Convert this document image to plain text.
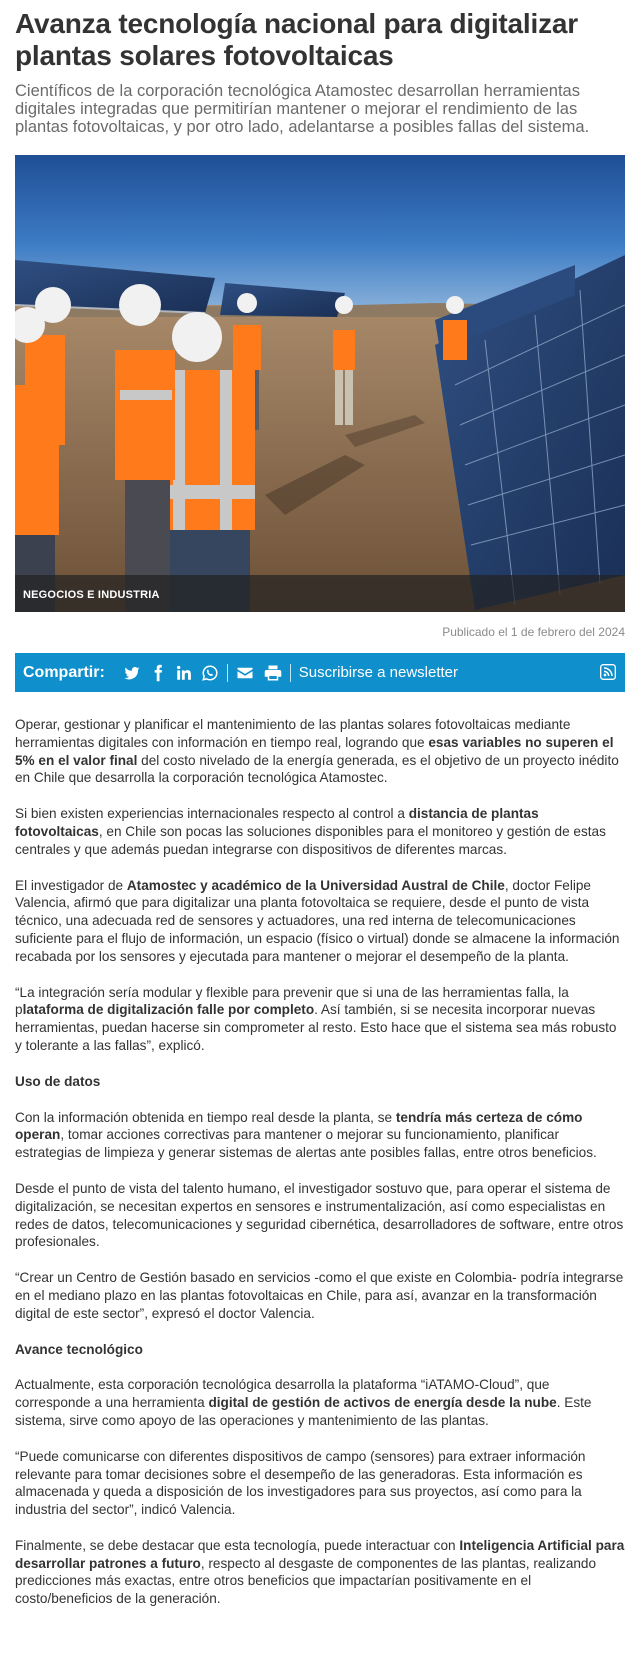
Avanza tecnología nacional para digitalizar plantas solares fotovoltaicas

Científicos de la corporación tecnológica Atamostec desarrollan herramientas digitales integradas que permitirían mantener o mejorar el rendimiento de las plantas fotovoltaicas, y por otro lado, adelantarse a posibles fallas del sistema.

NEGOCIOS E INDUSTRIA
Publicado el 1 de febrero del 2024
Compartir:	Suscribirse a newsletter

Operar, gestionar y planificar el mantenimiento de las plantas solares fotovoltaicas mediante herramientas digitales con información en tiempo real, logrando que esas variables no superen el 5% en el valor final del costo nivelado de la energía generada, es el objetivo de un proyecto inédito en Chile que desarrolla la corporación tecnológica Atamostec.

Si bien existen experiencias internacionales respecto al control a distancia de plantas fotovoltaicas, en Chile son pocas las soluciones disponibles para el monitoreo y gestión de estas centrales y que además puedan integrarse con dispositivos de diferentes marcas.

El investigador de Atamostec y académico de la Universidad Austral de Chile, doctor Felipe Valencia, afirmó que para digitalizar una planta fotovoltaica se requiere, desde el punto de vista técnico, una adecuada red de sensores y actuadores, una red interna de telecomunicaciones suficiente para el flujo de información, un espacio (físico o virtual) donde se almacene la información recabada por los sensores y ejecutada para mantener o mejorar el desempeño de la planta.

“La integración sería modular y flexible para prevenir que si una de las herramientas falla, la plataforma de digitalización falle por completo. Así también, si se necesita incorporar nuevas herramientas, puedan hacerse sin comprometer al resto. Esto hace que el sistema sea más robusto y tolerante a las fallas”, explicó.

Uso de datos

Con la información obtenida en tiempo real desde la planta, se tendría más certeza de cómo operan, tomar acciones correctivas para mantener o mejorar su funcionamiento, planificar estrategias de limpieza y generar sistemas de alertas ante posibles fallas, entre otros beneficios.

Desde el punto de vista del talento humano, el investigador sostuvo que, para operar el sistema de digitalización, se necesitan expertos en sensores e instrumentalización, así como especialistas en redes de datos, telecomunicaciones y seguridad cibernética, desarrolladores de software, entre otros profesionales.

“Crear un Centro de Gestión basado en servicios -como el que existe en Colombia- podría integrarse en el mediano plazo en las plantas fotovoltaicas en Chile, para así, avanzar en la transformación digital de este sector”, expresó el doctor Valencia.

Avance tecnológico

Actualmente, esta corporación tecnológica desarrolla la plataforma “iATAMO-Cloud”, que corresponde a una herramienta digital de gestión de activos de energía desde la nube. Este sistema, sirve como apoyo de las operaciones y mantenimiento de las plantas.

“Puede comunicarse con diferentes dispositivos de campo (sensores) para extraer información relevante para tomar decisiones sobre el desempeño de las generadoras. Esta información es almacenada y queda a disposición de los investigadores para sus proyectos, así como para la industria del sector”, indicó Valencia.

Finalmente, se debe destacar que esta tecnología, puede interactuar con Inteligencia Artificial para desarrollar patrones a futuro, respecto al desgaste de componentes de las plantas, realizando predicciones más exactas, entre otros beneficios que impactarían positivamente en el costo/beneficios de la generación.
